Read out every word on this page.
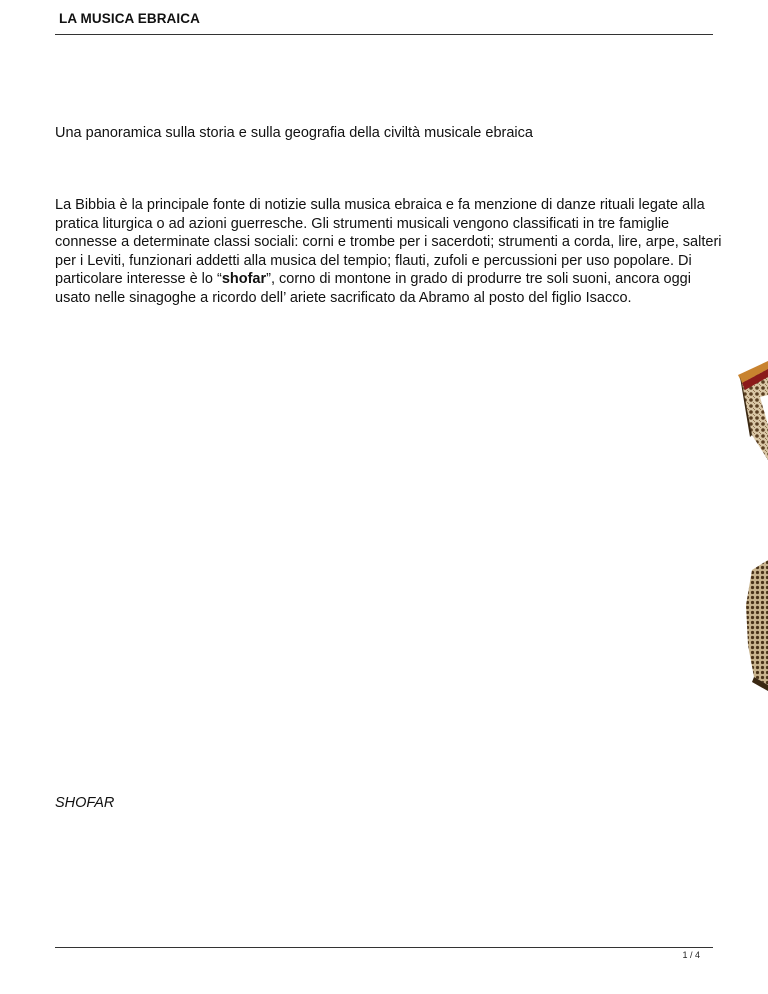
LA MUSICA EBRAICA
Una panoramica sulla storia e sulla geografia della civiltà musicale ebraica
La Bibbia è la principale fonte di notizie sulla musica ebraica e fa menzione di danze rituali legate alla pratica liturgica o ad azioni guerresche. Gli strumenti musicali vengono classificati in tre famiglie connesse a determinate classi sociali: corni e trombe per i sacerdoti; strumenti a corda, lire, arpe, salteri per i Leviti, funzionari addetti alla musica del tempio; flauti, zufoli e percussioni per uso popolare. Di particolare interesse è lo “shofar”, corno di montone in grado di produrre tre soli suoni, ancora oggi usato nelle sinagoghe a ricordo dell’ ariete sacrificato da Abramo al posto del figlio Isacco.
SHOFAR
1 / 4
